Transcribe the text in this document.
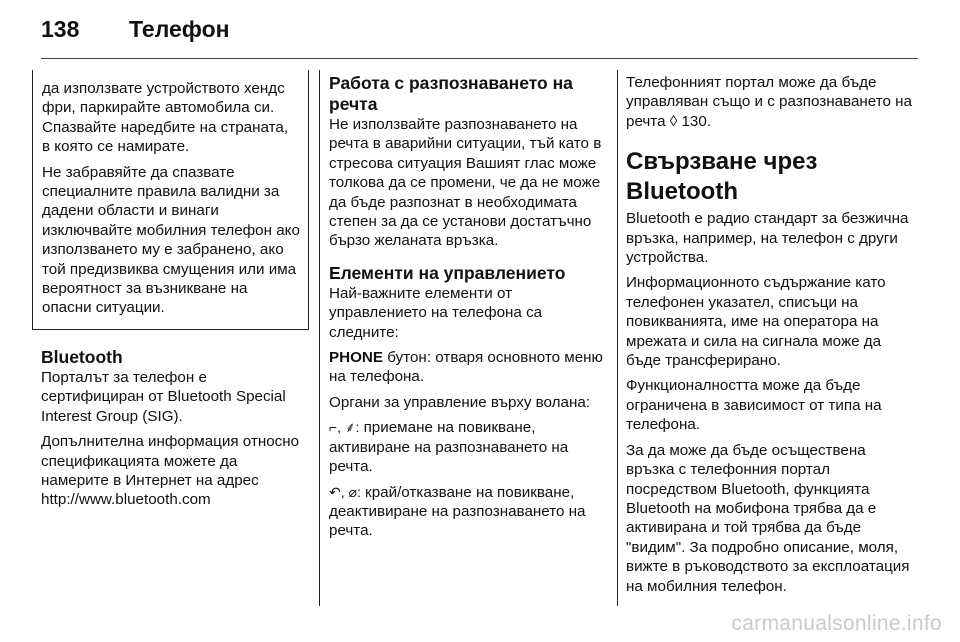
138	Телефон

да използвате устройството хендс фри, паркирайте автомобила си. Спазвайте наредбите на страната, в която се намирате.

Не забравяйте да спазвате специалните правила валидни за дадени области и винаги изключвайте мобилния телефон ако използването му е забранено, ако той предизвиква смущения или има вероятност за възникване на опасни ситуации.

Bluetooth

Порталът за телефон е сертифициран от Bluetooth Special Interest Group (SIG).

Допълнителна информация относно спецификацията можете да намерите в Интернет на адрес http://www.bluetooth.com

Работа с разпознаването на речта

Не използвайте разпознаването на речта в аварийни ситуации, тъй като в стресова ситуация Вашият глас може толкова да се промени, че да не може да бъде разпознат в необходимата степен за да се установи достатъчно бързо желаната връзка.

Елементи на управлението

Най-важните елементи от управлението на телефона са следните:

PHONE бутон: отваря основното меню на телефона.

Органи за управление върху волана:

⌐, ⸙: приемане на повикване, активиране на разпознаването на речта.

↶, ⌀: край/отказване на повикване, деактивиране на разпознаването на речта.

Телефонният портал може да бъде управляван също и с разпознаването на речта ◊ 130.

Свързване чрез Bluetooth

Bluetooth е радио стандарт за безжична връзка, например, на телефон с други устройства.

Информационното съдържание като телефонен указател, списъци на повикванията, име на оператора на мрежата и сила на сигнала може да бъде трансферирано.

Функционалността може да бъде ограничена в зависимост от типа на телефона.

За да може да бъде осъществена връзка с телефонния портал посредством Bluetooth, функцията Bluetooth на мобифона трябва да е активирана и той трябва да бъде "видим". За подробно описание, моля, вижте в ръководството за експлоатация на мобилния телефон.

carmanualsonline.info
